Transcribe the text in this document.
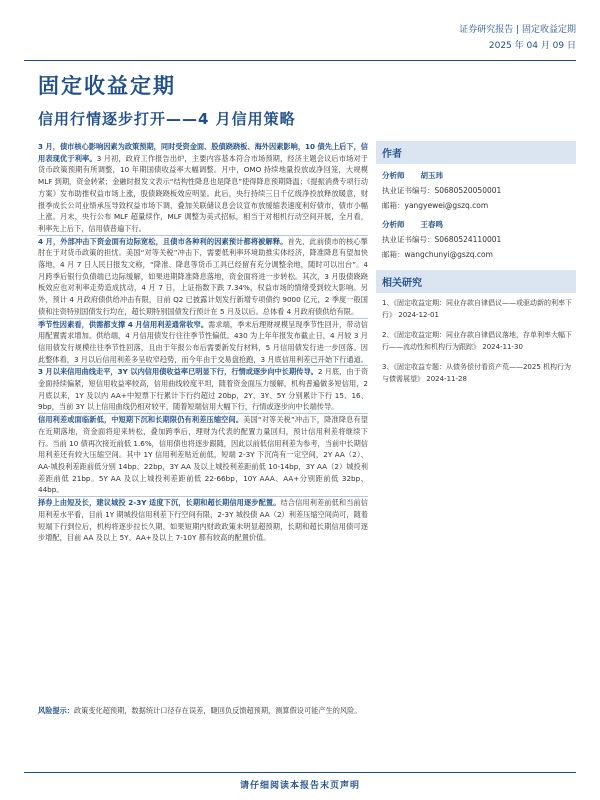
证券研究报告 | 固定收益定期
2025 年 04 月 09 日
固定收益定期
信用行情逐步打开——4 月信用策略

3 月，债市核心影响因素为政策预期，同时受资金面、股债跷跷板、海外因素影响，10 债先上后下，信用表现优于利率。3 月初，政府工作报告出炉，主要内容基本符合市场预期，经济主题会议后市场对于货币政策预期有所调整，10 年期国债收益率大幅调整。月中，OMO 持续地量投放或净回笼，大规模 MLF 到期，资金转紧；金融时报发文表示“结构性降息也是降息”使得降息预期降温；《提振消费专项行动方案》发布助推权益市场上涨，股债跷跷板效应明显。此后，央行持续三日千亿级净投放释放暖意，财报季成长公司业绩承压导致权益市场下调，叠加关联储议息会议宣布放缓缩表速度利好债市，债市小幅上涨。月末，央行公布 MLF 超量续作，MLF 调整为美式招标，相当于对相机行动空间开展，全月看，利率先上后下，信用债普遍下行。

4 月，外部冲击下资金面有边际宽松，且债市各种利的因素预计都将被解释。首先，此前债市的核心掣肘在于对货币政策的担忧。美国“对等关税”冲击下，需要低利率环境助推实体经济，降准降息有望加快落地，4 月 7 日人民日报发文称，“降准、降息等货币工具已经留有充分调整余地，随时可以出台”。4 月跨季后银行负债端已边际缓解，如果进期降准降息落地，资金面将进一步转松。其次，3 月股债跷跷板效应也对利率走势造成扰动，4 月 7 日，上证指数下跌 7.34%，权益市场的情绪受到较大影响。另外，预计 4 月政府债供给冲击有限，目前 Q2 已披露计划发行新增专项债约 9000 亿元，2 季度一般国债和注资特别国债发行均在，超长期特别国债发行预计在 5 月及以后。总体看 4 月政府债供给有限。

季节性因素看，供需都支撑 4 月信用利差通常收窄。需求端，季末后理财规模呈现季节性回升，带动信用配置需求增加。供给端，4 月信用债发行往往季节性偏低。430 为上年年报发布截止日，4 月较 3 月信用债发行规模往往季节性回落，且由于年报公布后需要新发行材料，5 月信用债发行进一步回落。因此整体看，3 月以后信用利差多呈收窄趋势，而今年由于交易盘抢跑，3 月底信用利差已开始下行通道。

3 月以来信用曲线走平，3Y 以内信用债收益率已明显下行，行情或逐步向中长期传导。2 月底，由于资金面持续偏紧，短信用收益率较高，信用曲线较度平坦，随着资金面压力缓解，机构普遍做多短信用，2 月底以来，1Y 及以内 AA+中短票下行累计下行约超过 20bp，2Y、3Y、5Y 分别累计下行 15、16、9bp，当前 3Y 以上信用曲线仍相对较平，随着短端信用大幅下行，行情或逐步向中长端传导。

信用利差或面临新低，中短期下沉和长期限仍有利差压缩空间。美国“对等关税”冲击下，降准降息有望在近期落地，资金面将迎来转松，叠加跨季后，理财为代表的配置力量回归，预计信用利差将继续下行。当前 10 债再次接近前低 1.6%，信用债也将逐步跟随，因此以前低信用利差为参考，当前中长期信用利差还有较大压缩空间。其中 1Y 信用利差贴近前低，短端 2-3Y 下沉尚有一定空间，2Y AA（2）、AA-城投利差距前低分别 14bp、22bp，3Y AA 及以上城投利差距前低 10-14bp，3Y AA（2）城投利差距前低 21bp。5Y AA 及以上城投利差距前低 22-66bp，10Y AAA、AA+分别距前低 32bp、44bp。

择券上由短及长，建议城投 2-3Y 适度下沉，长期和超长期信用逐步配置。结合信用利差前低和当前信用利差水平看，目前 1Y 期城投信用利差下行空间有限，2-3Y 城投债 AA（2）利差压缩空间尚可，随着短端下行到位后，机构将逐步拉长久期，如果短期内财政政策未明显超预期，长期和超长期信用债可逐步增配，目前 AA 及以上 5Y、AA+及以上 7-10Y 都有较高的配置价值。

风险提示：政策变化超预期，数据统计口径存在误差，睫回负反馈超预期，测算假设可能产生的风险。
作者
分析师 胡玉玮
执业证书编号：S0680520050001
邮箱：yangyewei@gszq.com
分析师 王春鸣
执业证书编号：S0680524110001
邮箱：wangchunyi@gszq.com
相关研究
1、《固定收益定期：同业存款自律倡议——或驱动新的利率下行》 2024-12-01
2、《固定收益定期：同业存款自律倡议落地，存单利率大幅下行——流动性和机构行为跟踪》 2024-11-30
3、《固定收益专题：从债务偿付看资产荒——2025 机构行为与债需展望》 2024-11-28
请仔细阅读本报告末页声明
